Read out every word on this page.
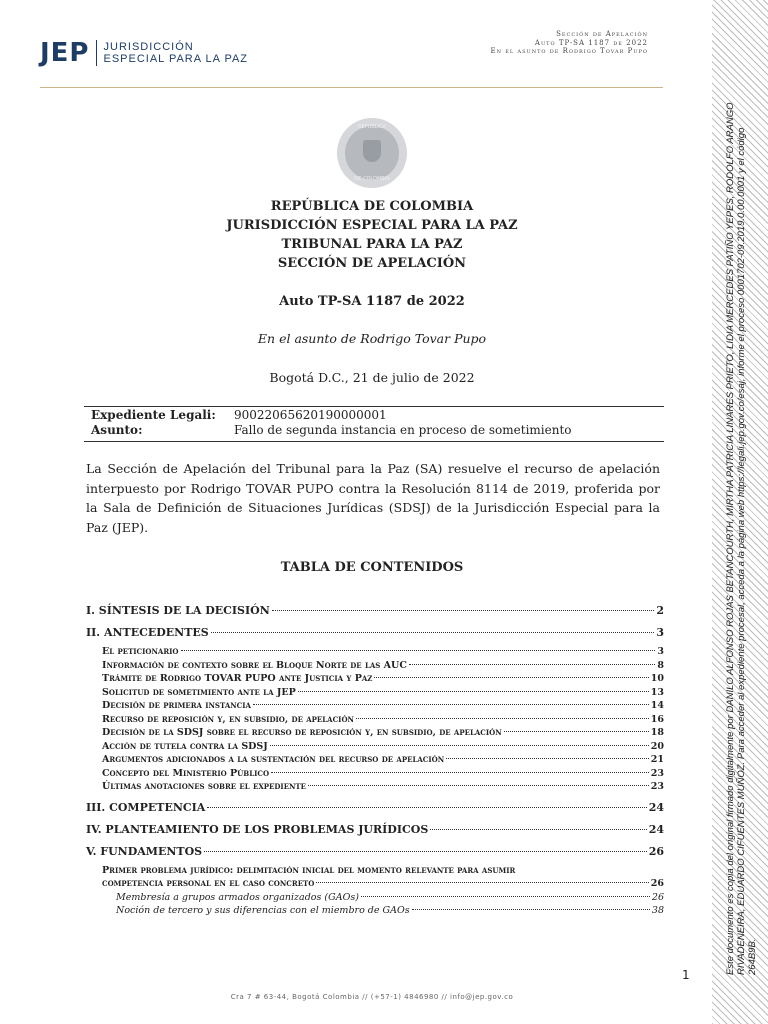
JEP JURISDICCIÓN
ESPECIAL PARA LA PAZ
Sección de Apelación
Auto TP-SA 1187 de 2022
En el asunto de Rodrigo Tovar Pupo
REPÚBLICA
DE COLOMBIA
REPÚBLICA DE COLOMBIA
JURISDICCIÓN ESPECIAL PARA LA PAZ
TRIBUNAL PARA LA PAZ
SECCIÓN DE APELACIÓN
Auto TP-SA 1187 de 2022
En el asunto de Rodrigo Tovar Pupo
Bogotá D.C., 21 de julio de 2022
Expediente Legali:	9002206562019000000​1
Asunto:	Fallo de segunda instancia en proceso de sometimiento
La Sección de Apelación del Tribunal para la Paz (SA) resuelve el recurso de apelación interpuesto por Rodrigo TOVAR PUPO contra la Resolución 8114 de 2019, proferida por la Sala de Definición de Situaciones Jurídicas (SDSJ) de la Jurisdicción Especial para la Paz (JEP).
TABLA DE CONTENIDOS
I. SÍNTESIS DE LA DECISIÓN	2
II. ANTECEDENTES	3
El peticionario	3
Información de contexto sobre el Bloque Norte de las AUC	8
Trámite de Rodrigo TOVAR PUPO ante Justicia y Paz	10
Solicitud de sometimiento ante la JEP	13
Decisión de primera instancia	14
Recurso de reposición y, en subsidio, de apelación	16
Decisión de la SDSJ sobre el recurso de reposición y, en subsidio, de apelación	18
Acción de tutela contra la SDSJ	20
Argumentos adicionados a la sustentación del recurso de apelación	21
Concepto del Ministerio Público	23
Últimas anotaciones sobre el expediente	23
III. COMPETENCIA	24
IV. PLANTEAMIENTO DE LOS PROBLEMAS JURÍDICOS	24
V. FUNDAMENTOS	26
Primer problema jurídico: delimitación inicial del momento relevante para asumir
competencia personal en el caso concreto	26
Membresía a grupos armados organizados (GAOs)	26
Noción de tercero y sus diferencias con el miembro de GAOs	38	Este documento es copia del original firmado digitalmente por DANILO ALFONSO ROJAS BETANCOURTH, MIRTHA PATRICIA LINARES PRIETO, LIDIA MERCEDES PATIÑO YEPES, RODOLFO ARANGO RIVADENEIRA, EDUARDO CIFUENTES MUÑOZ. Para acceder al expediente procesal, acceda a la página web https://legali.jep.gov.co/esaj, informe el proceso 0001702-09.2019.0.00.0001 y el código 264B9B.
1
Cra 7 # 63-44, Bogotá Colombia // (+57-1) 4846980 // info@jep.gov.co
